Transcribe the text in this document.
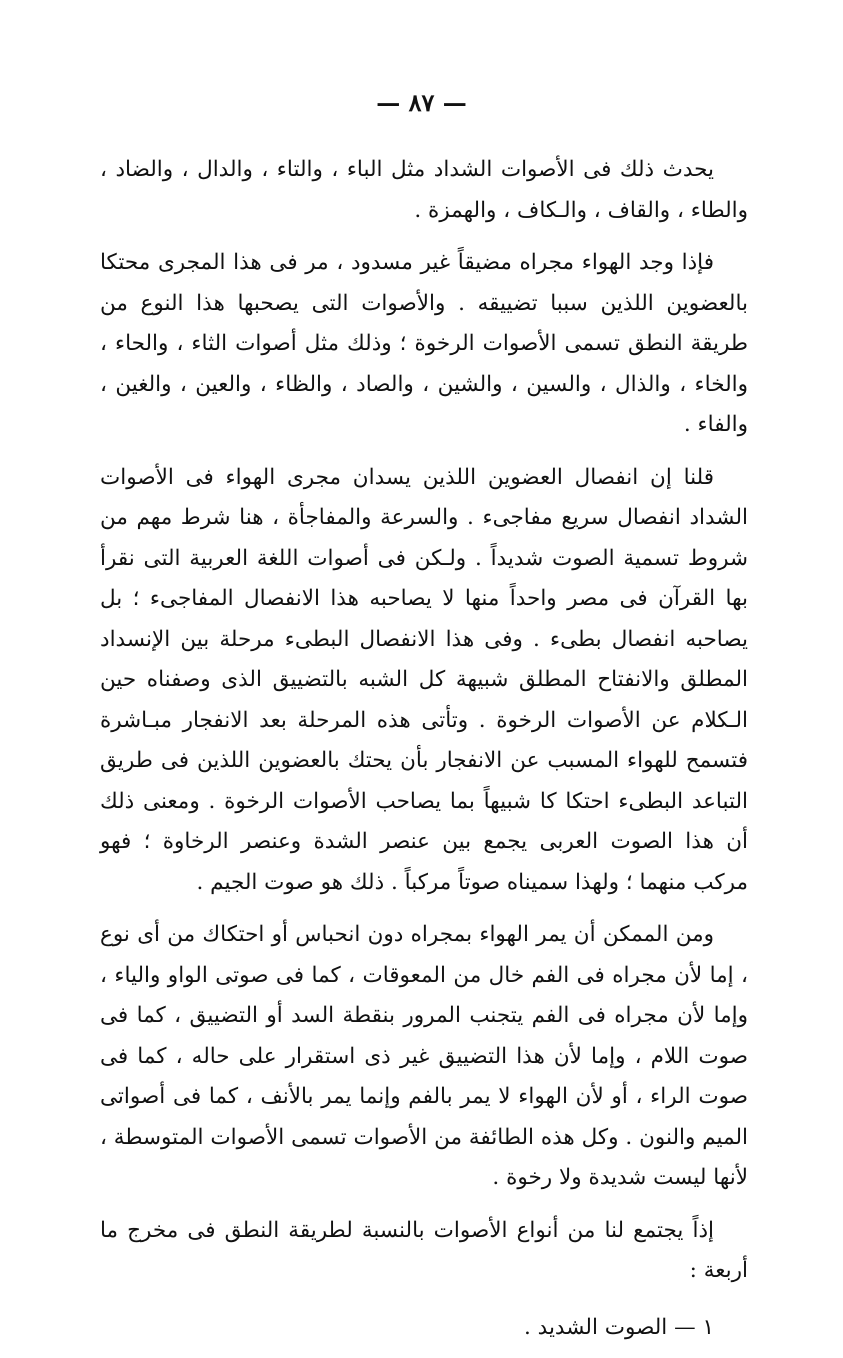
— ٨٧ —

يحدث ذلك فى الأصوات الشداد مثل الباء ، والتاء ، والدال ، والضاد ، والطاء ، والقاف ، والـكاف ، والهمزة .

فإذا وجد الهواء مجراه مضيقاً غير مسدود ، مر فى هذا المجرى محتكا بالعضوين اللذين سببا تضييقه . والأصوات التى يصحبها هذا النوع من طريقة النطق تسمى الأصوات الرخوة ؛ وذلك مثل أصوات الثاء ، والحاء ، والخاء ، والذال ، والسين ، والشين ، والصاد ، والظاء ، والعين ، والغين ، والفاء .

قلنا إن انفصال العضوين اللذين يسدان مجرى الهواء فى الأصوات الشداد انفصال سريع مفاجىء . والسرعة والمفاجأة ، هنا شرط مهم من شروط تسمية الصوت شديداً . ولـكن فى أصوات اللغة العربية التى نقرأ بها القرآن فى مصر واحداً منها لا يصاحبه هذا الانفصال المفاجىء ؛ بل يصاحبه انفصال بطىء . وفى هذا الانفصال البطىء مرحلة بين الإنسداد المطلق والانفتاح المطلق شبيهة كل الشبه بالتضييق الذى وصفناه حين الـكلام عن الأصوات الرخوة . وتأتى هذه المرحلة بعد الانفجار مبـاشرة فتسمح للهواء المسبب عن الانفجار بأن يحتك بالعضوين اللذين فى طريق التباعد البطىء احتكا كا شبيهاً بما يصاحب الأصوات الرخوة . ومعنى ذلك أن هذا الصوت العربى يجمع بين عنصر الشدة وعنصر الرخاوة ؛ فهو مركب منهما ؛ ولهذا سميناه صوتاً مركباً . ذلك هو صوت الجيم .

ومن الممكن أن يمر الهواء بمجراه دون انحباس أو احتكاك من أى نوع ، إما لأن مجراه فى الفم خال من المعوقات ، كما فى صوتى الواو والياء ، وإما لأن مجراه فى الفم يتجنب المرور بنقطة السد أو التضييق ، كما فى صوت اللام ، وإما لأن هذا التضييق غير ذى استقرار على حاله ، كما فى صوت الراء ، أو لأن الهواء لا يمر بالفم وإنما يمر بالأنف ، كما فى أصواتى الميم والنون . وكل هذه الطائفة من الأصوات تسمى الأصوات المتوسطة ، لأنها ليست شديدة ولا رخوة .

إذاً يجتمع لنا من أنواع الأصوات بالنسبة لطريقة النطق فى مخرج ما أربعة :

١ — الصوت الشديد .
